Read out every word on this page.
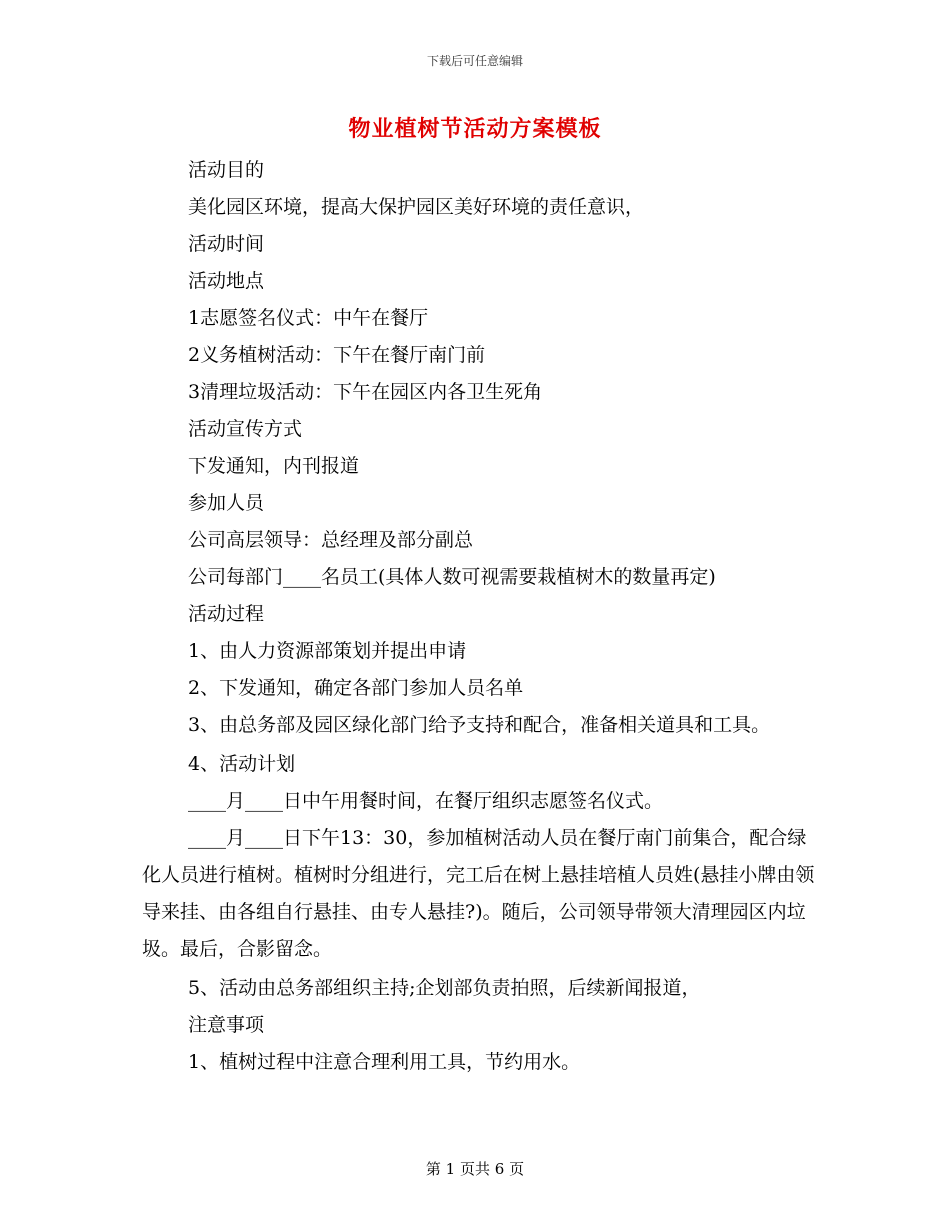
下载后可任意编辑
物业植树节活动方案模板
活动目的
美化园区环境，提高大保护园区美好环境的责任意识，
活动时间
活动地点
1志愿签名仪式：中午在餐厅
2义务植树活动：下午在餐厅南门前
3清理垃圾活动：下午在园区内各卫生死角
活动宣传方式
下发通知，内刊报道
参加人员
公司高层领导：总经理及部分副总
公司每部门____名员工(具体人数可视需要栽植树木的数量再定)
活动过程
1、由人力资源部策划并提出申请
2、下发通知，确定各部门参加人员名单

3、由总务部及园区绿化部门给予支持和配合，准备相关道具和工具。

4、活动计划
____月____日中午用餐时间，在餐厅组织志愿签名仪式。

____月____日下午13：30，参加植树活动人员在餐厅南门前集合，配合绿化人员进行植树。植树时分组进行，完工后在树上悬挂培植人员姓(悬挂小牌由领导来挂、由各组自行悬挂、由专人悬挂?)。随后，公司领导带领大清理园区内垃圾。最后，合影留念。

5、活动由总务部组织主持;企划部负责拍照，后续新闻报道，
注意事项
1、植树过程中注意合理利用工具，节约用水。
第 1 页共 6 页
